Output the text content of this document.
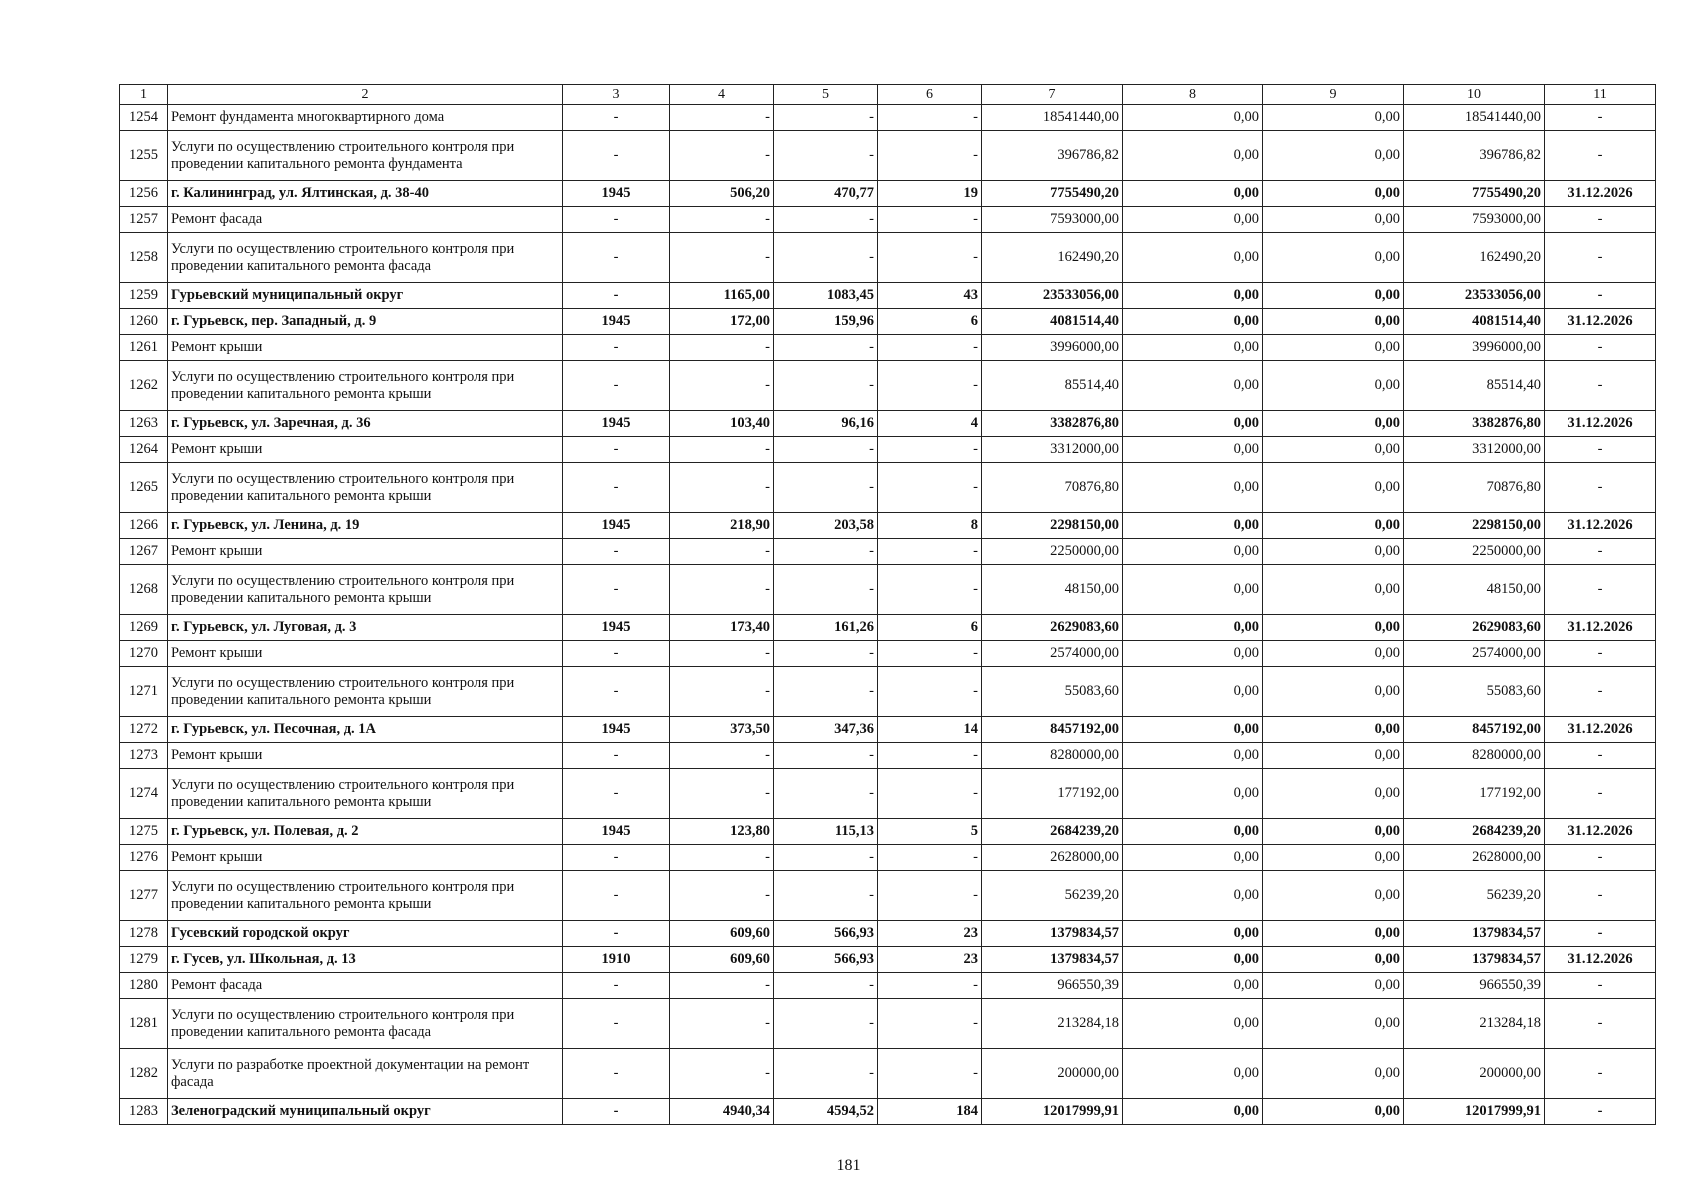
1	2	3	4	5	6	7	8	9	10	11
1254	Ремонт фундамента многоквартирного дома	-	-	-	-	18541440,00	0,00	0,00	18541440,00	-
1255	Услуги по осуществлению строительного контроля при проведении капитального ремонта фундамента	-	-	-	-	396786,82	0,00	0,00	396786,82	-
1256	г. Калининград, ул. Ялтинская, д. 38-40	1945	506,20	470,77	19	7755490,20	0,00	0,00	7755490,20	31.12.2026
1257	Ремонт фасада	-	-	-	-	7593000,00	0,00	0,00	7593000,00	-
1258	Услуги по осуществлению строительного контроля при проведении капитального ремонта фасада	-	-	-	-	162490,20	0,00	0,00	162490,20	-
1259	Гурьевский муниципальный округ	-	1165,00	1083,45	43	23533056,00	0,00	0,00	23533056,00	-
1260	г. Гурьевск, пер. Западный, д. 9	1945	172,00	159,96	6	4081514,40	0,00	0,00	4081514,40	31.12.2026
1261	Ремонт крыши	-	-	-	-	3996000,00	0,00	0,00	3996000,00	-
1262	Услуги по осуществлению строительного контроля при проведении капитального ремонта крыши	-	-	-	-	85514,40	0,00	0,00	85514,40	-
1263	г. Гурьевск, ул. Заречная, д. 36	1945	103,40	96,16	4	3382876,80	0,00	0,00	3382876,80	31.12.2026
1264	Ремонт крыши	-	-	-	-	3312000,00	0,00	0,00	3312000,00	-
1265	Услуги по осуществлению строительного контроля при проведении капитального ремонта крыши	-	-	-	-	70876,80	0,00	0,00	70876,80	-
1266	г. Гурьевск, ул. Ленина, д. 19	1945	218,90	203,58	8	2298150,00	0,00	0,00	2298150,00	31.12.2026
1267	Ремонт крыши	-	-	-	-	2250000,00	0,00	0,00	2250000,00	-
1268	Услуги по осуществлению строительного контроля при проведении капитального ремонта крыши	-	-	-	-	48150,00	0,00	0,00	48150,00	-
1269	г. Гурьевск, ул. Луговая, д. 3	1945	173,40	161,26	6	2629083,60	0,00	0,00	2629083,60	31.12.2026
1270	Ремонт крыши	-	-	-	-	2574000,00	0,00	0,00	2574000,00	-
1271	Услуги по осуществлению строительного контроля при проведении капитального ремонта крыши	-	-	-	-	55083,60	0,00	0,00	55083,60	-
1272	г. Гурьевск, ул. Песочная, д. 1А	1945	373,50	347,36	14	8457192,00	0,00	0,00	8457192,00	31.12.2026
1273	Ремонт крыши	-	-	-	-	8280000,00	0,00	0,00	8280000,00	-
1274	Услуги по осуществлению строительного контроля при проведении капитального ремонта крыши	-	-	-	-	177192,00	0,00	0,00	177192,00	-
1275	г. Гурьевск, ул. Полевая, д. 2	1945	123,80	115,13	5	2684239,20	0,00	0,00	2684239,20	31.12.2026
1276	Ремонт крыши	-	-	-	-	2628000,00	0,00	0,00	2628000,00	-
1277	Услуги по осуществлению строительного контроля при проведении капитального ремонта крыши	-	-	-	-	56239,20	0,00	0,00	56239,20	-
1278	Гусевский городской округ	-	609,60	566,93	23	1379834,57	0,00	0,00	1379834,57	-
1279	г. Гусев, ул. Школьная, д. 13	1910	609,60	566,93	23	1379834,57	0,00	0,00	1379834,57	31.12.2026
1280	Ремонт фасада	-	-	-	-	966550,39	0,00	0,00	966550,39	-
1281	Услуги по осуществлению строительного контроля при проведении капитального ремонта фасада	-	-	-	-	213284,18	0,00	0,00	213284,18	-
1282	Услуги по разработке проектной документации на ремонт фасада	-	-	-	-	200000,00	0,00	0,00	200000,00	-
1283	Зеленоградский муниципальный округ	-	4940,34	4594,52	184	12017999,91	0,00	0,00	12017999,91	-
181
